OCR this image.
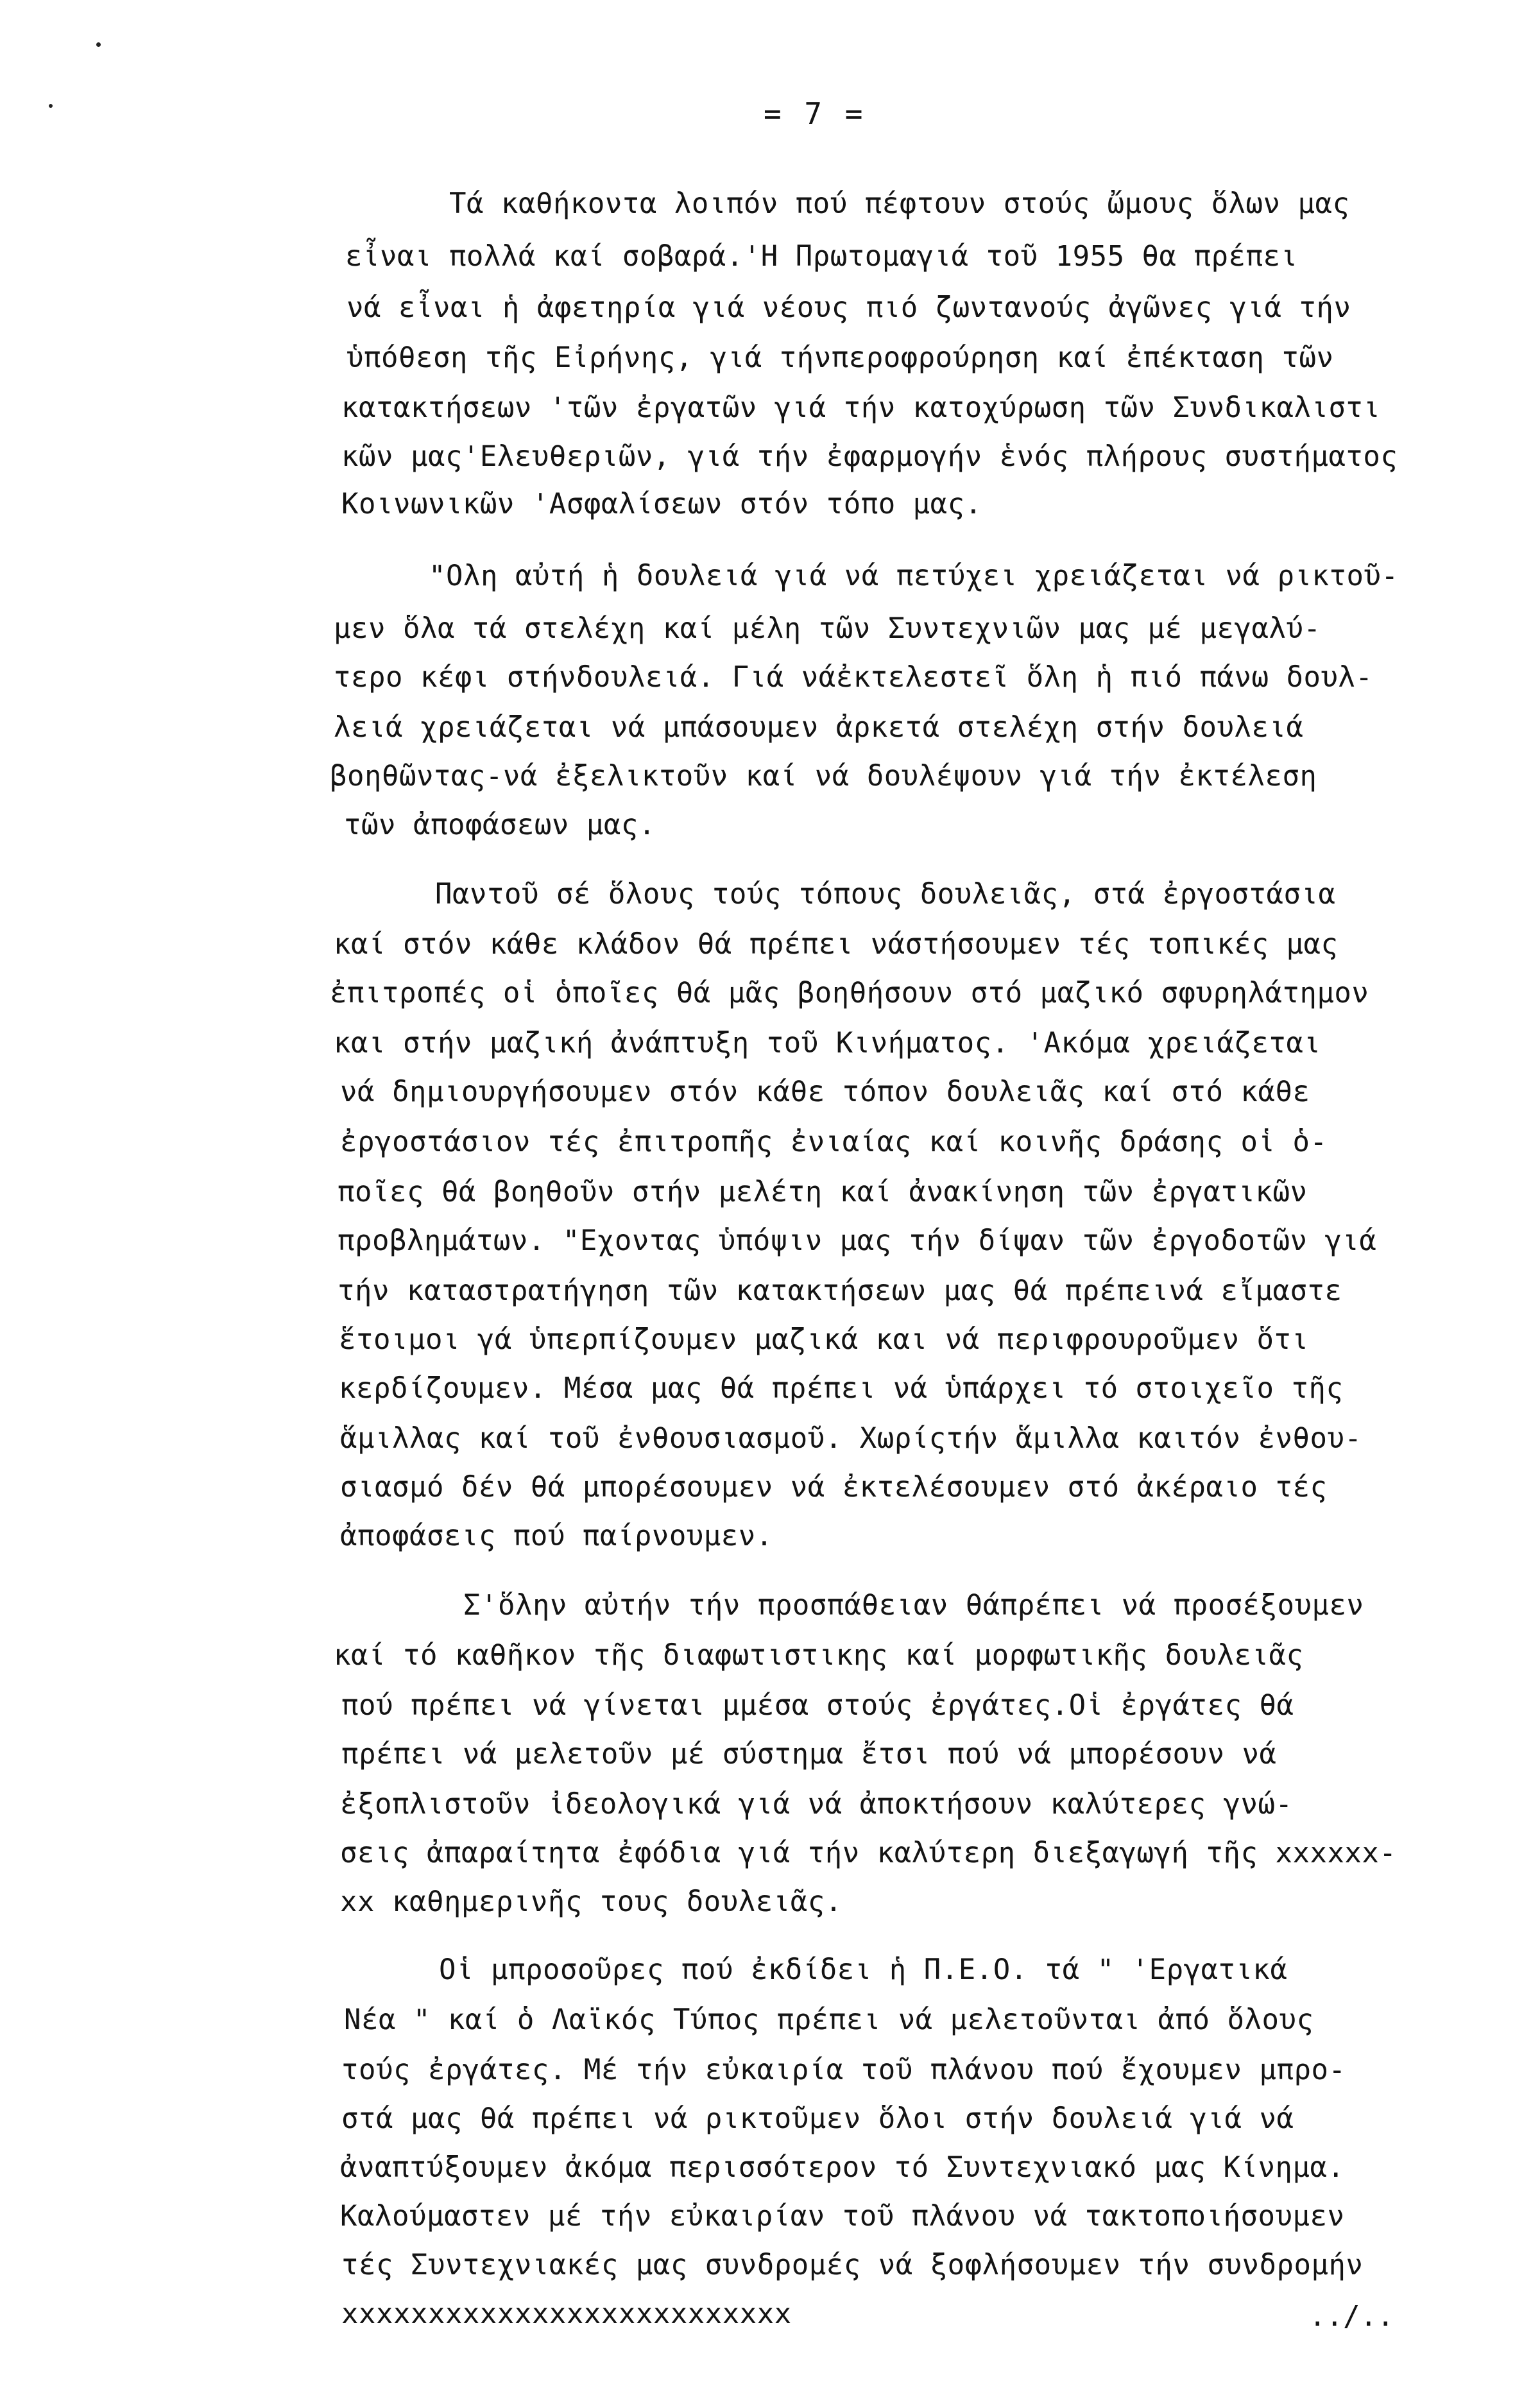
= 7 =
Τά καθήκοντα λοιπόν πού πέφτουν στούς ὤμους ὅλων μας
εἶναι πολλά καί σοβαρά.'Η Πρωτομαγιά τοῦ 1955 θα πρέπει
νά εἶναι ἡ ἀφετηρία γιά νέους πιό ζωντανούς ἀγῶνες γιά τήν
ὑπόθεση τῆς Εἰρήνης, γιά τήνπεροφρούρηση καί ἐπέκταση τῶν
κατακτήσεων 'τῶν ἐργατῶν γιά τήν κατοχύρωση τῶν Συνδικαλιστι
κῶν μας'Ελευθεριῶν, γιά τήν ἐφαρμογήν ἑνός πλήρους συστήματος
Κοινωνικῶν 'Ασφαλίσεων στόν τόπο μας.
"Ολη αὐτή ἡ δουλειά γιά νά πετύχει χρειάζεται νά ρικτοῦ-
μεν ὅλα τά στελέχη καί μέλη τῶν Συντεχνιῶν μας μέ μεγαλύ-
τερο κέφι στήνδουλειά. Γιά νάἐκτελεστεῖ ὅλη ἡ πιό πάνω δουλ-
λειά χρειάζεται νά μπάσουμεν ἀρκετά στελέχη στήν δουλειά
βοηθῶντας-νά ἐξελικτοῦν καί νά δουλέψουν γιά τήν ἐκτέλεση
τῶν ἀποφάσεων μας.
Παντοῦ σέ ὅλους τούς τόπους δουλειᾶς, στά ἐργοστάσια
καί στόν κάθε κλάδον θά πρέπει νάστήσουμεν τές τοπικές μας
ἐπιτροπές οἱ ὁποῖες θά μᾶς βοηθήσουν στό μαζικό σφυρηλάτημον
και στήν μαζική ἀνάπτυξη τοῦ Κινήματος. 'Ακόμα χρειάζεται
νά δημιουργήσουμεν στόν κάθε τόπον δουλειᾶς καί στό κάθε
ἐργοστάσιον τές ἐπιτροπῆς ἐνιαίας καί κοινῆς δράσης οἱ ὁ-
ποῖες θά βοηθοῦν στήν μελέτη καί ἀνακίνηση τῶν ἐργατικῶν
προβλημάτων. "Εχοντας ὑπόψιν μας τήν δίψαν τῶν ἐργοδοτῶν γιά
τήν καταστρατήγηση τῶν κατακτήσεων μας θά πρέπεινά εἴμαστε
ἕτοιμοι γά ὑπερπίζουμεν μαζικά και νά περιφρουροῦμεν ὅτι
κερδίζουμεν. Μέσα μας θά πρέπει νά ὑπάρχει τό στοιχεῖο τῆς
ἅμιλλας καί τοῦ ἐνθουσιασμοῦ. Χωρίςτήν ἅμιλλα καιτόν ἐνθου-
σιασμό δέν θά μπορέσουμεν νά ἐκτελέσουμεν στό ἀκέραιο τές
ἀποφάσεις πού παίρνουμεν.
Σ'ὅλην αὐτήν τήν προσπάθειαν θάπρέπει νά προσέξουμεν
καί τό καθῆκον τῆς διαφωτιστικης καί μορφωτικῆς δουλειᾶς
πού πρέπει νά γίνεται μμέσα στούς ἐργάτες.Οἱ ἐργάτες θά
πρέπει νά μελετοῦν μέ σύστημα ἔτσι πού νά μπορέσουν νά
ἐξοπλιστοῦν ἰδεολογικά γιά νά ἀποκτήσουν καλύτερες γνώ-
σεις ἀπαραίτητα ἐφόδια γιά τήν καλύτερη διεξαγωγή τῆς xxxxxx-
xx καθημερινῆς τους δουλειᾶς.
Οἱ μπροσοῦρες πού ἐκδίδει ἡ Π.Ε.Ο. τά " 'Εργατικά
Νέα " καί ὁ Λαϊκός Τύπος πρέπει νά μελετοῦνται ἀπό ὅλους
τούς ἐργάτες. Μέ τήν εὐκαιρία τοῦ πλάνου πού ἔχουμεν μπρο-
στά μας θά πρέπει νά ρικτοῦμεν ὅλοι στήν δουλειά γιά νά
ἀναπτύξουμεν ἀκόμα περισσότερον τό Συντεχνιακό μας Κίνημα.
Καλούμαστεν μέ τήν εὐκαιρίαν τοῦ πλάνου νά τακτοποιήσουμεν
τές Συντεχνιακές μας συνδρομές νά ξοφλήσουμεν τήν συνδρομήν
xxxxxxxxxxxxxxxxxxxxxxxxxx	../..
